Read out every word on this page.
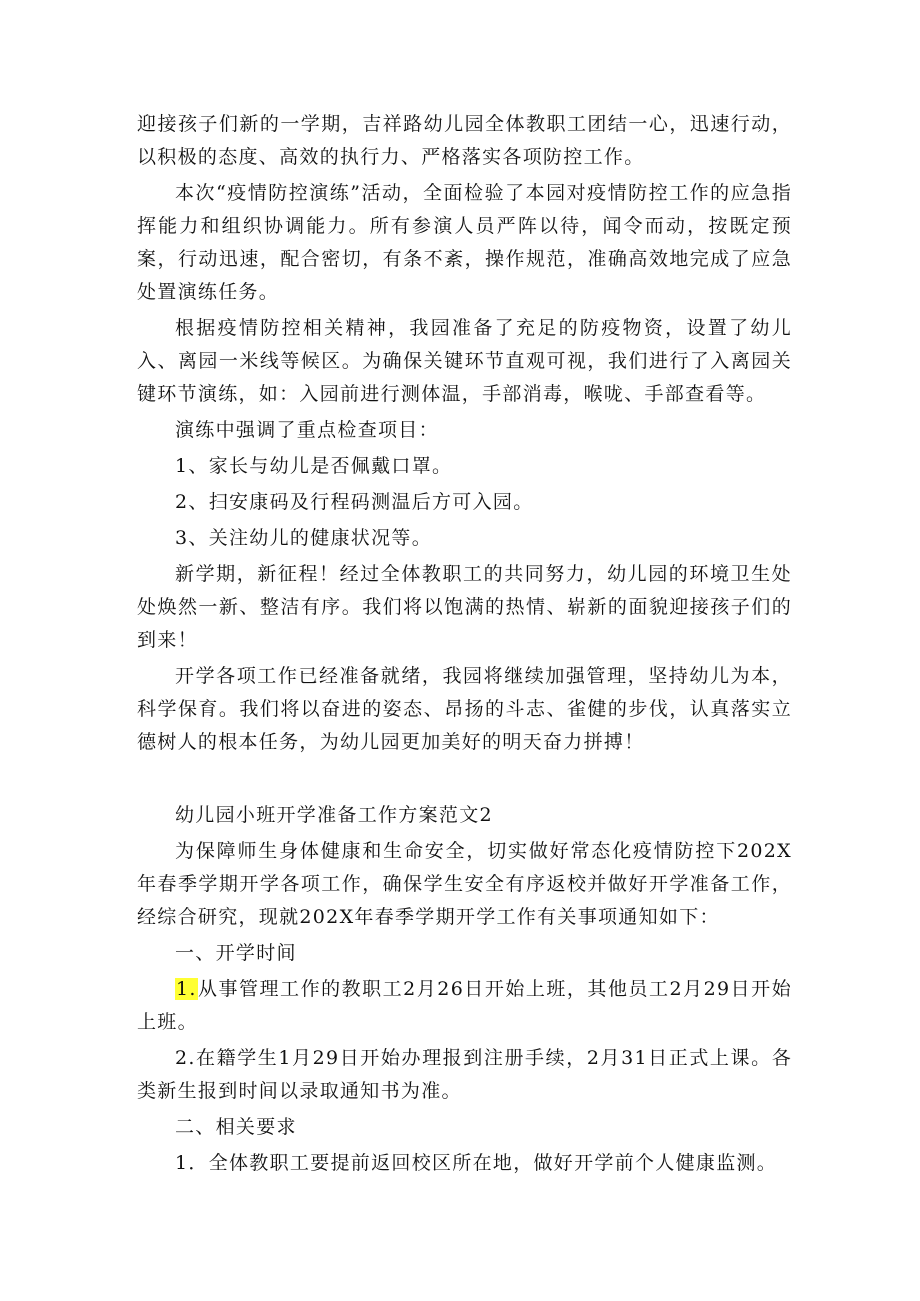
迎接孩子们新的一学期，吉祥路幼儿园全体教职工团结一心，迅速行动，以积极的态度、高效的执行力、严格落实各项防控工作。

本次“疫情防控演练”活动，全面检验了本园对疫情防控工作的应急指挥能力和组织协调能力。所有参演人员严阵以待，闻令而动，按既定预案，行动迅速，配合密切，有条不紊，操作规范，准确高效地完成了应急处置演练任务。

根据疫情防控相关精神，我园准备了充足的防疫物资，设置了幼儿入、离园一米线等候区。为确保关键环节直观可视，我们进行了入离园关键环节演练，如：入园前进行测体温，手部消毒，喉咙、手部查看等。

演练中强调了重点检查项目：

1、家长与幼儿是否佩戴口罩。

2、扫安康码及行程码测温后方可入园。

3、关注幼儿的健康状况等。

新学期，新征程！经过全体教职工的共同努力，幼儿园的环境卫生处处焕然一新、整洁有序。我们将以饱满的热情、崭新的面貌迎接孩子们的到来！

开学各项工作已经准备就绪，我园将继续加强管理，坚持幼儿为本，科学保育。我们将以奋进的姿态、昂扬的斗志、雀健的步伐，认真落实立德树人的根本任务，为幼儿园更加美好的明天奋力拼搏！

幼儿园小班开学准备工作方案范文2

为保障师生身体健康和生命安全，切实做好常态化疫情防控下202X年春季学期开学各项工作，确保学生安全有序返校并做好开学准备工作，经综合研究，现就202X年春季学期开学工作有关事项通知如下：

一、开学时间

1.从事管理工作的教职工2月26日开始上班，其他员工2月29日开始上班。

2.在籍学生1月29日开始办理报到注册手续，2月31日正式上课。各类新生报到时间以录取通知书为准。

二、相关要求

1．全体教职工要提前返回校区所在地，做好开学前个人健康监测。
